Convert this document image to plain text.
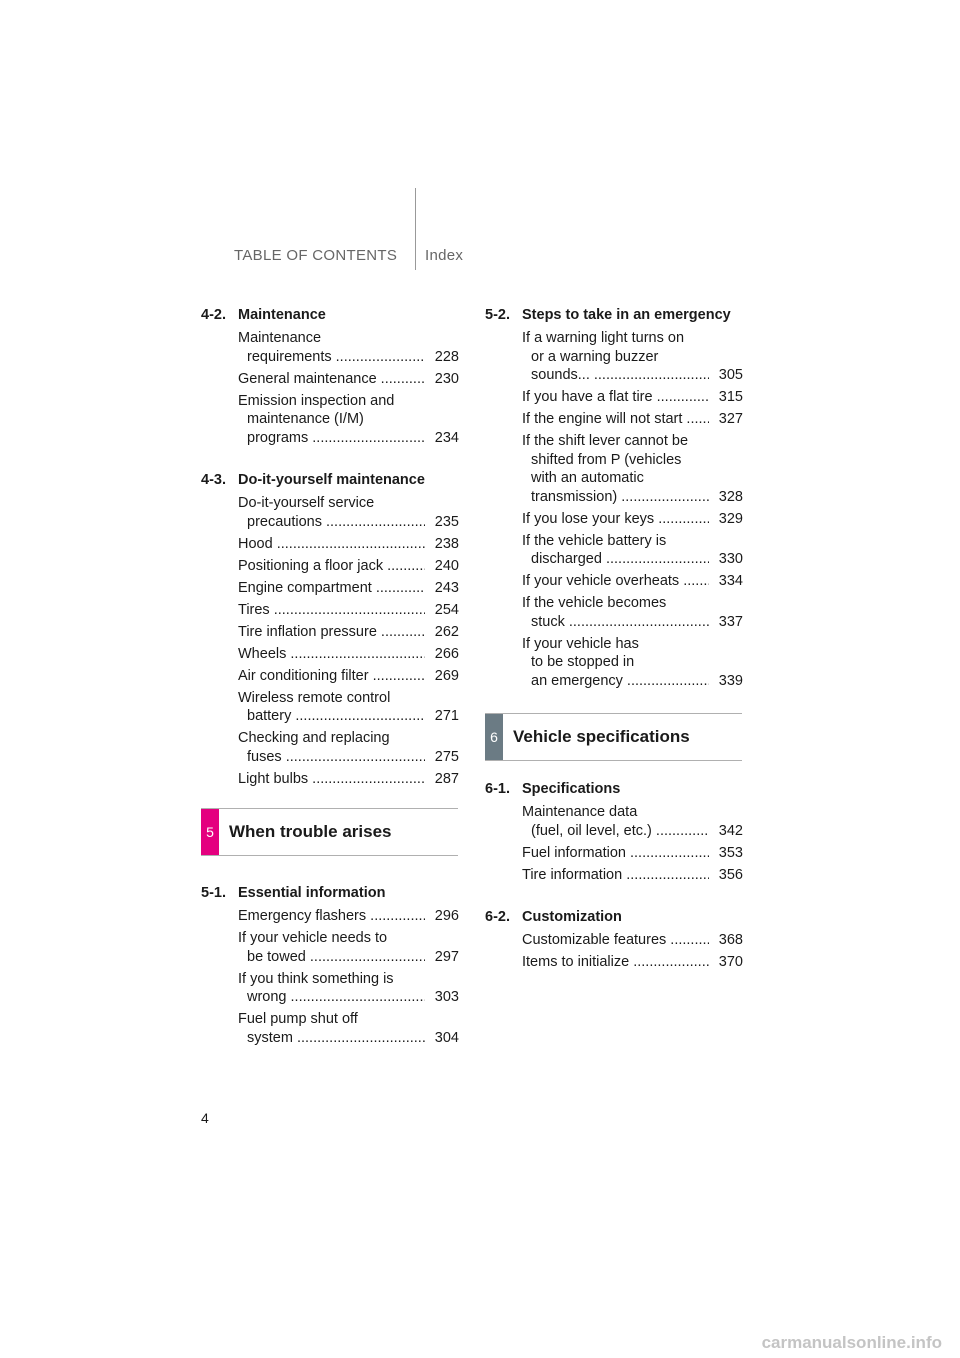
TABLE OF CONTENTS Index
4-2. Maintenance
Maintenance
requirements .....	228
General maintenance .....	230
Emission inspection and
maintenance (I/M)
programs .....	234
4-3. Do-it-yourself maintenance
Do-it-yourself service
precautions .....	235
Hood .....	238
Positioning a floor jack .....	240
Engine compartment .....	243
Tires .....	254
Tire inflation pressure .....	262
Wheels .....	266
Air conditioning filter .....	269
Wireless remote control
battery .....	271
Checking and replacing
fuses .....	275
Light bulbs .....	287
5-1. Essential information
Emergency flashers .....	296
If your vehicle needs to
be towed .....	297
If you think something is
wrong .....	303
Fuel pump shut off
system .....	304
5 When trouble arises
5-2. Steps to take in an emergency
If a warning light turns on
or a warning buzzer
sounds... .....	305
If you have a flat tire .....	315
If the engine will not start .....	327
If the shift lever cannot be
shifted from P (vehicles
with an automatic
transmission) .....	328
If you lose your keys .....	329
If the vehicle battery is
discharged .....	330
If your vehicle overheats .....	334
If the vehicle becomes
stuck .....	337
If your vehicle has
to be stopped in
an emergency .....	339
6-1. Specifications
Maintenance data
(fuel, oil level, etc.) .....	342
Fuel information .....	353
Tire information .....	356
6-2. Customization
Customizable features .....	368
Items to initialize .....	370
6 Vehicle specifications
4
carmanualsonline.info
